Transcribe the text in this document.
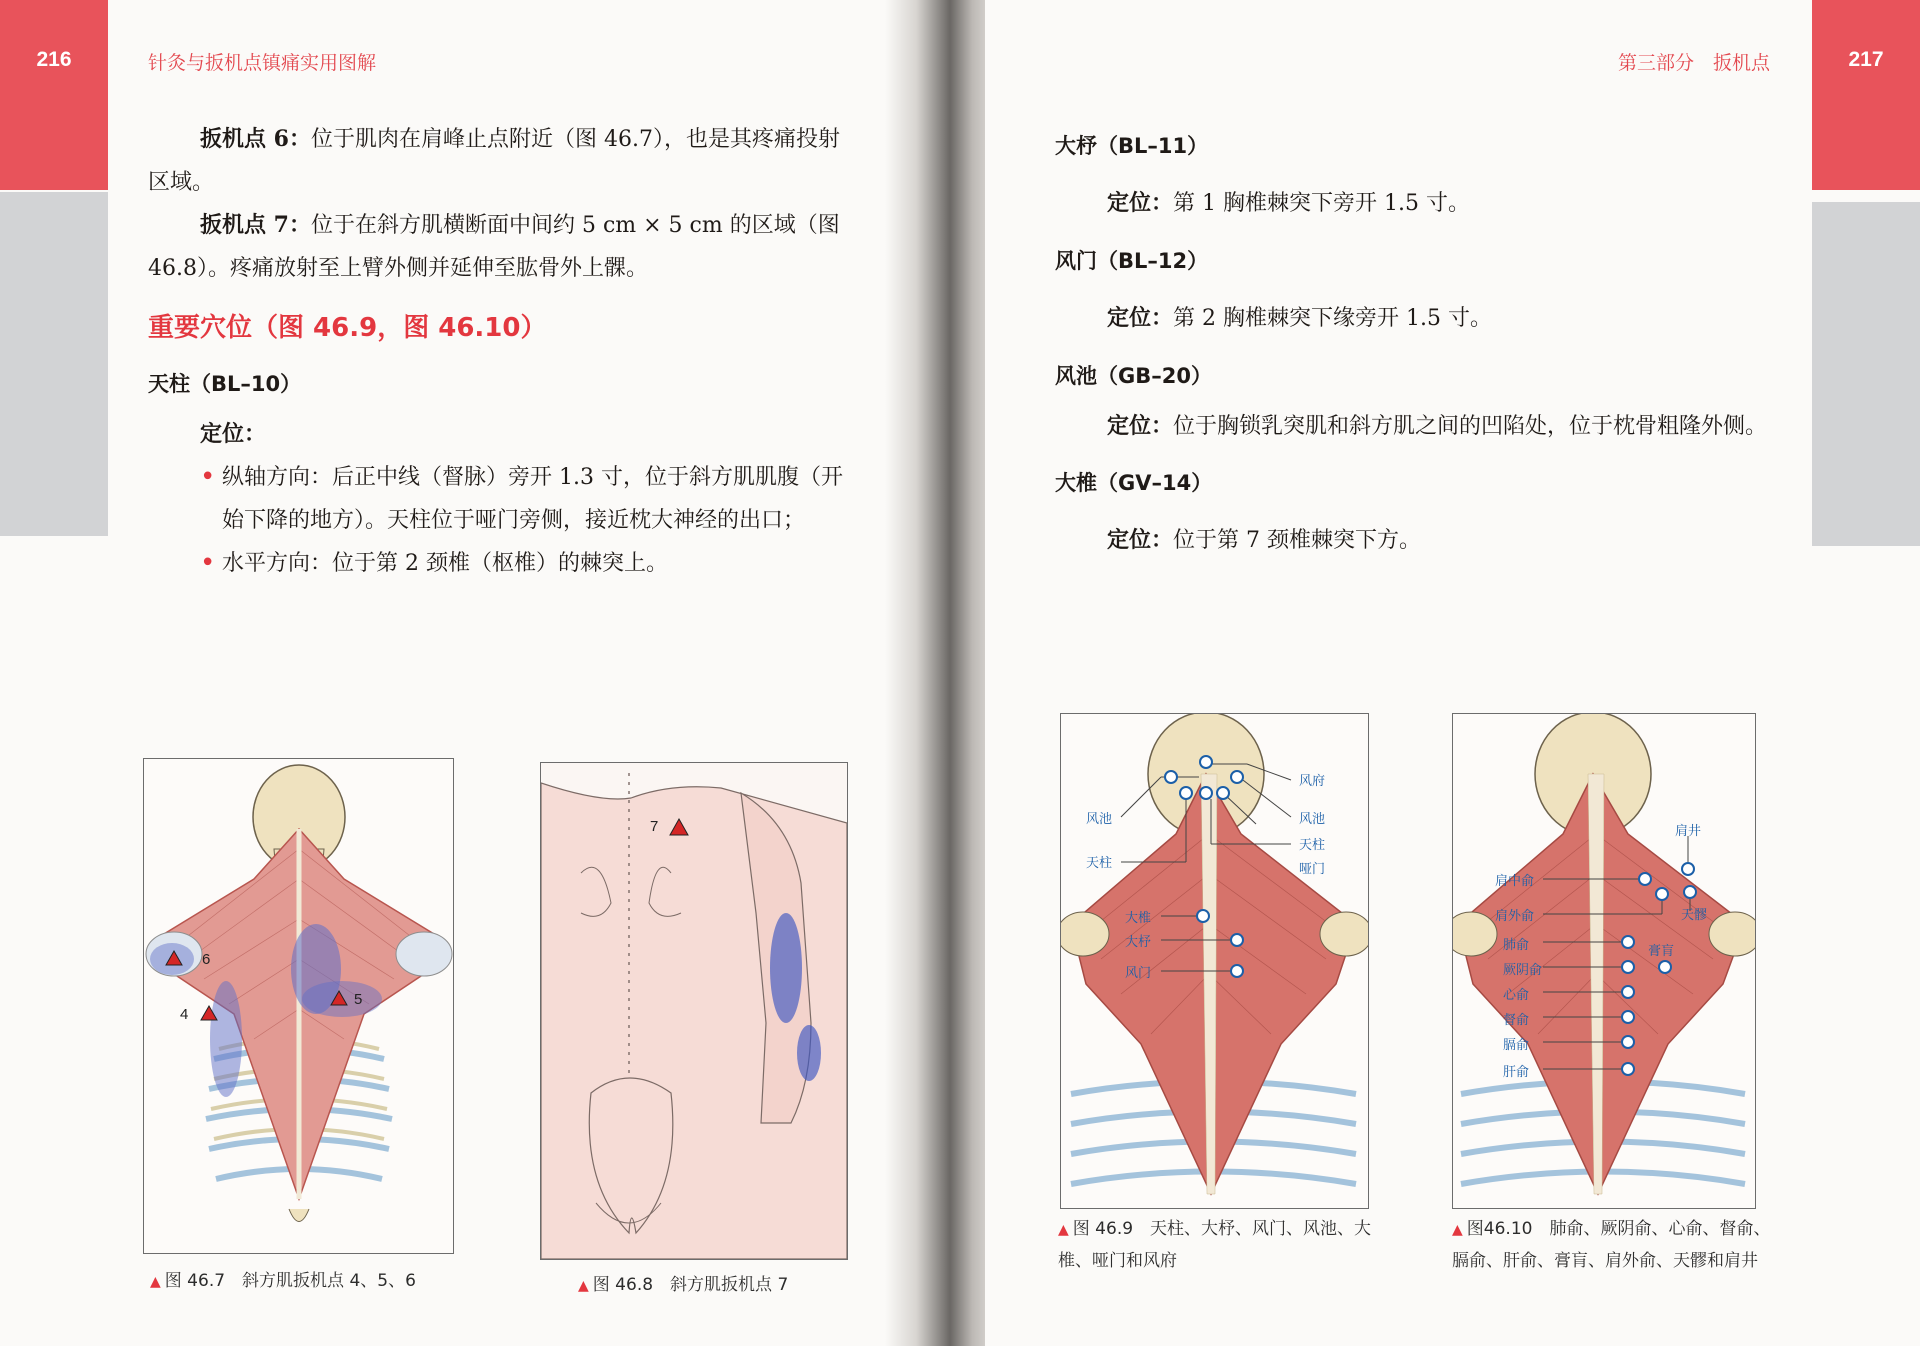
216	针灸与扳机点镇痛实用图解

扳机点 6：位于肌肉在肩峰止点附近（图 46.7），也是其疼痛投射区域。

扳机点 7：位于在斜方肌横断面中间约 5 cm × 5 cm 的区域（图 46.8）。疼痛放射至上臂外侧并延伸至肱骨外上髁。

重要穴位（图 46.9，图 46.10）
天柱（BL–10）

定位：

• 纵轴方向：后正中线（督脉）旁开 1.3 寸，位于斜方肌肌腹（开始下降的地方）。天柱位于哑门旁侧，接近枕大神经的出口；
• 水平方向：位于第 2 颈椎（枢椎）的棘突上。
6
5
4
▲ 图 46.7　斜方肌扳机点 4、5、6
7
▲ 图 46.8　斜方肌扳机点 7
217
第三部分　扳机点
大杼（BL–11）

定位：第 1 胸椎棘突下旁开 1.5 寸。

风门（BL–12）

定位：第 2 胸椎棘突下缘旁开 1.5 寸。

风池（GB–20）

定位：位于胸锁乳突肌和斜方肌之间的凹陷处，位于枕骨粗隆外侧。

大椎（GV–14）

定位：位于第 7 颈椎棘突下方。

风府
风池	风池
天柱
哑门
天柱
大椎
大杼
风门
▲ 图 46.9　天柱、大杼、风门、风池、大椎、哑门和风府
肩井
肩中俞
肩外俞	天髎
肺俞	膏肓
厥阴俞
心俞
督俞
膈俞
肝俞
▲ 图46.10　肺俞、厥阴俞、心俞、督俞、膈俞、肝俞、膏肓、肩外俞、天髎和肩井
